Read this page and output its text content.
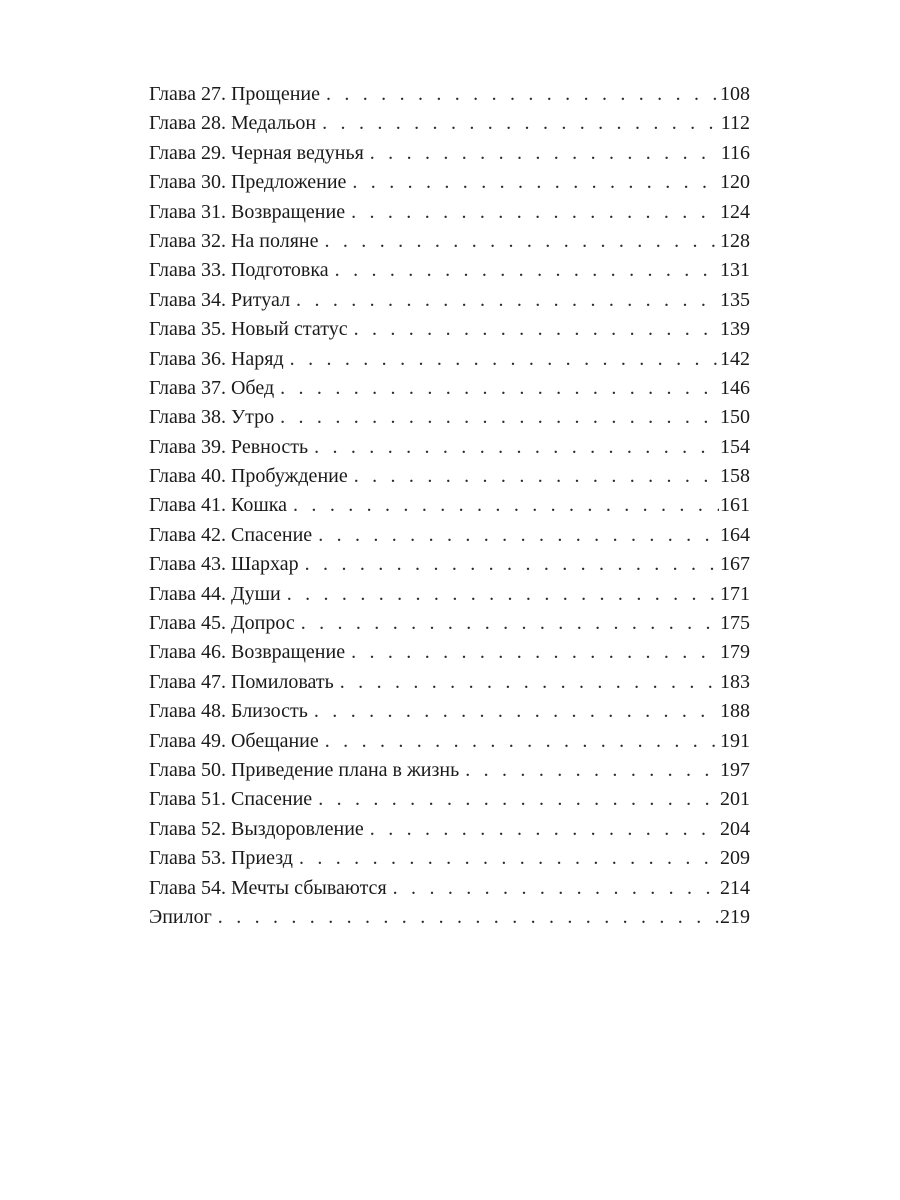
Глава 27. Прощение . . .	108
Глава 28. Медальон . . .	112
Глава 29. Черная ведунья . . .	116
Глава 30. Предложение . . .	120
Глава 31. Возвращение . . .	124
Глава 32. На поляне . . .	128
Глава 33. Подготовка . . .	131
Глава 34. Ритуал . . .	135
Глава 35. Новый статус . . .	139
Глава 36. Наряд . . .	142
Глава 37. Обед . . .	146
Глава 38. Утро . . .	150
Глава 39. Ревность . . .	154
Глава 40. Пробуждение . . .	158
Глава 41. Кошка . . .	161
Глава 42. Спасение . . .	164
Глава 43. Шархар . . .	167
Глава 44. Души . . .	171
Глава 45. Допрос . . .	175
Глава 46. Возвращение . . .	179
Глава 47. Помиловать . . .	183
Глава 48. Близость . . .	188
Глава 49. Обещание . . .	191
Глава 50. Приведение плана в жизнь . . .	197
Глава 51. Спасение . . .	201
Глава 52. Выздоровление . . .	204
Глава 53. Приезд . . .	209
Глава 54. Мечты сбываются . . .	214
Эпилог . . .	219
